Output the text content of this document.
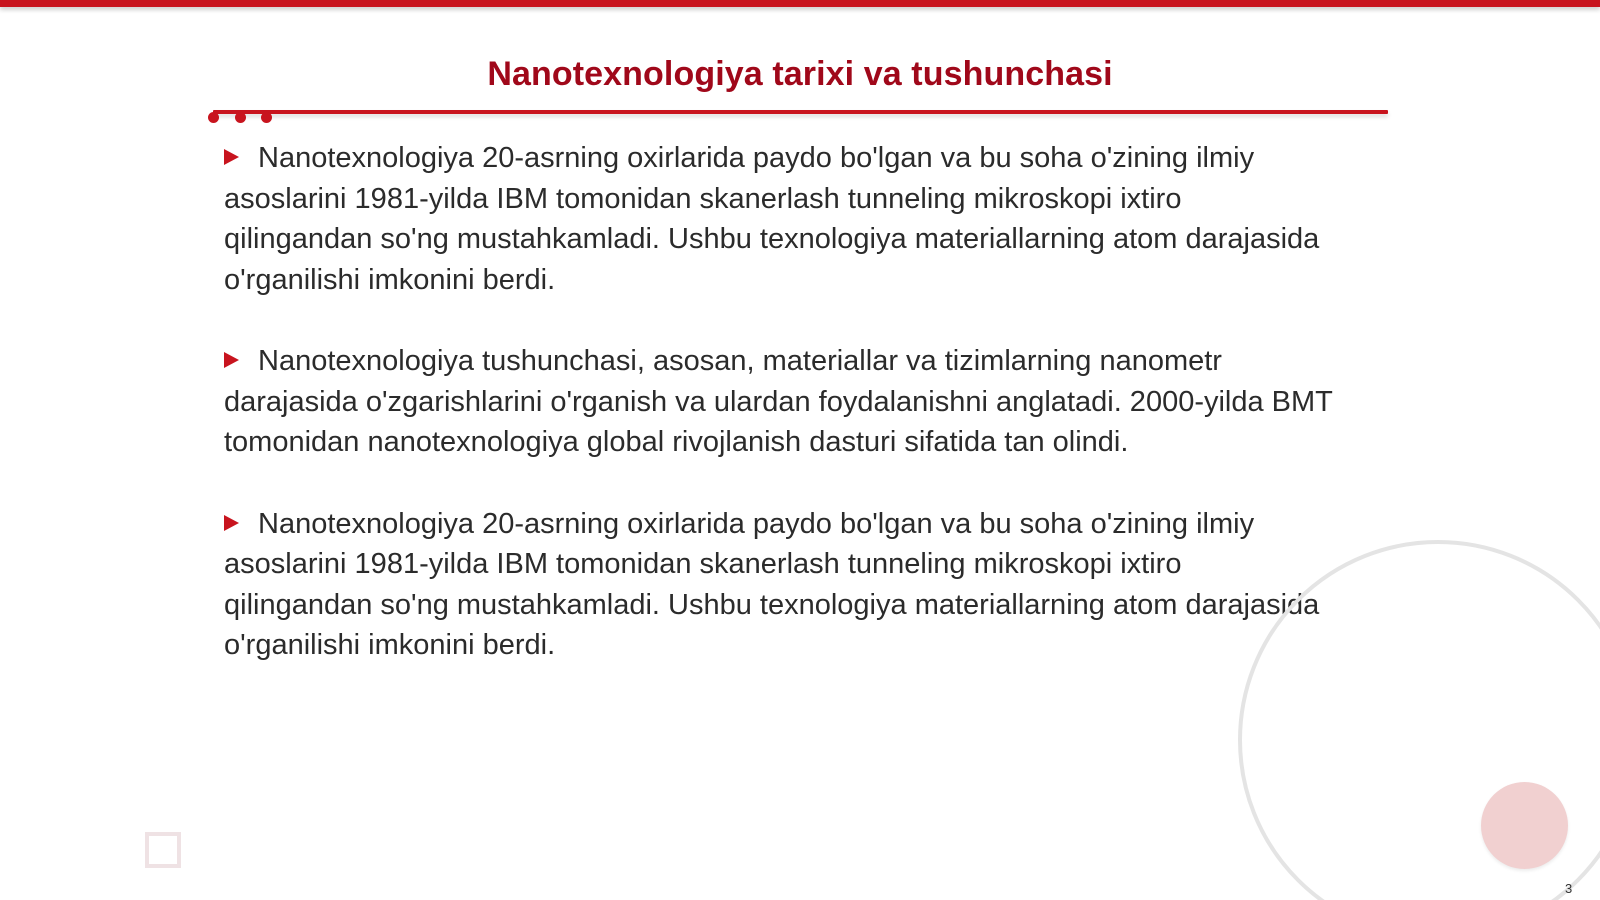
Nanotexnologiya tarixi va tushunchasi

Nanotexnologiya 20-asrning oxirlarida paydo bo'lgan va bu soha o'zining ilmiy asoslarini 1981-yilda IBM tomonidan skanerlash tunneling mikroskopi ixtiro qilingandan so'ng mustahkamladi. Ushbu texnologiya materiallarning atom darajasida o'rganilishi imkonini berdi.

Nanotexnologiya tushunchasi, asosan, materiallar va tizimlarning nanometr darajasida o'zgarishlarini o'rganish va ulardan foydalanishni anglatadi. 2000-yilda BMT tomonidan nanotexnologiya global rivojlanish dasturi sifatida tan olindi.

Nanotexnologiya 20-asrning oxirlarida paydo bo'lgan va bu soha o'zining ilmiy asoslarini 1981-yilda IBM tomonidan skanerlash tunneling mikroskopi ixtiro qilingandan so'ng mustahkamladi. Ushbu texnologiya materiallarning atom darajasida o'rganilishi imkonini berdi.

3
